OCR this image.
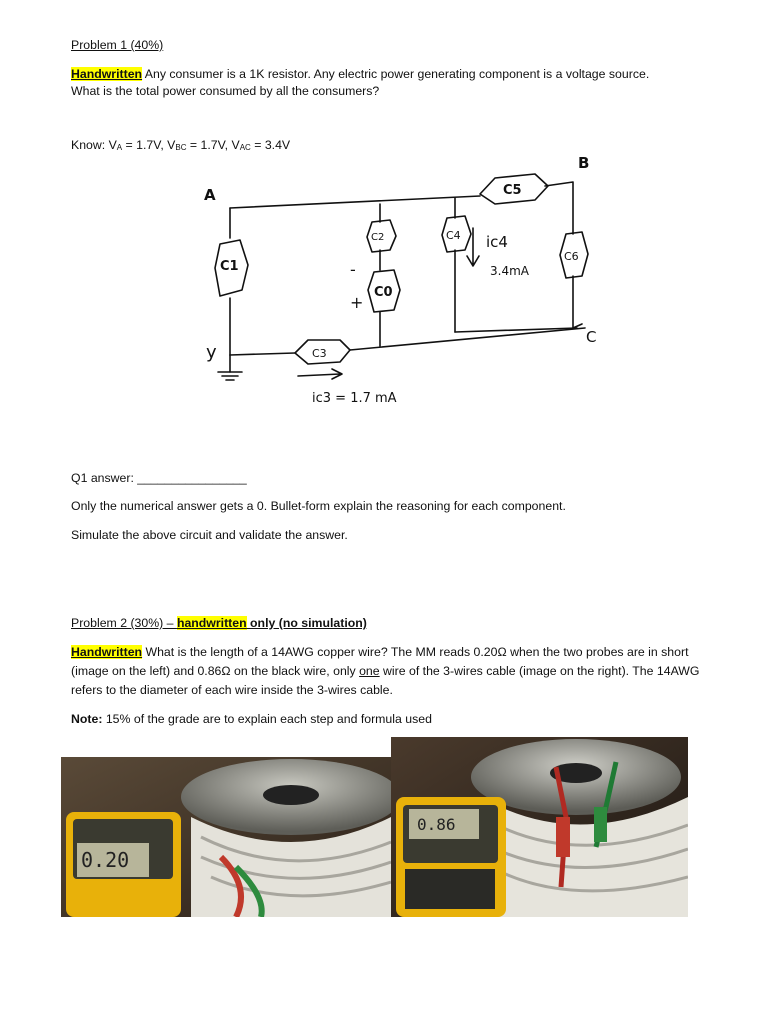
Problem 1 (40%)
Handwritten Any consumer is a 1K resistor. Any electric power generating component is a voltage source.
What is the total power consumed by all the consumers?
Know: $V_A = 1.7V$, $V_{BC} = 1.7V$, $V_{AC} = 3.4V$
A
B
C
y
C1
C2
C0
C3
C4
C5
C6
-
+
ic4
3.4mA
ic3 = 1.7 mA
Q1 answer: ________________
Only the numerical answer gets a 0. Bullet-form explain the reasoning for each component.
Simulate the above circuit and validate the answer.
Problem 2 (30%) – handwritten only (no simulation)
Handwritten What is the length of a 14AWG copper wire? The MM reads 0.20Ω when the two probes are in short
(image on the left) and 0.86Ω on the black wire, only one wire of the 3-wires cable (image on the right). The 14AWG
refers to the diameter of each wire inside the 3-wires cable.
Note: 15% of the grade are to explain each step and formula used
0.20
0.86
